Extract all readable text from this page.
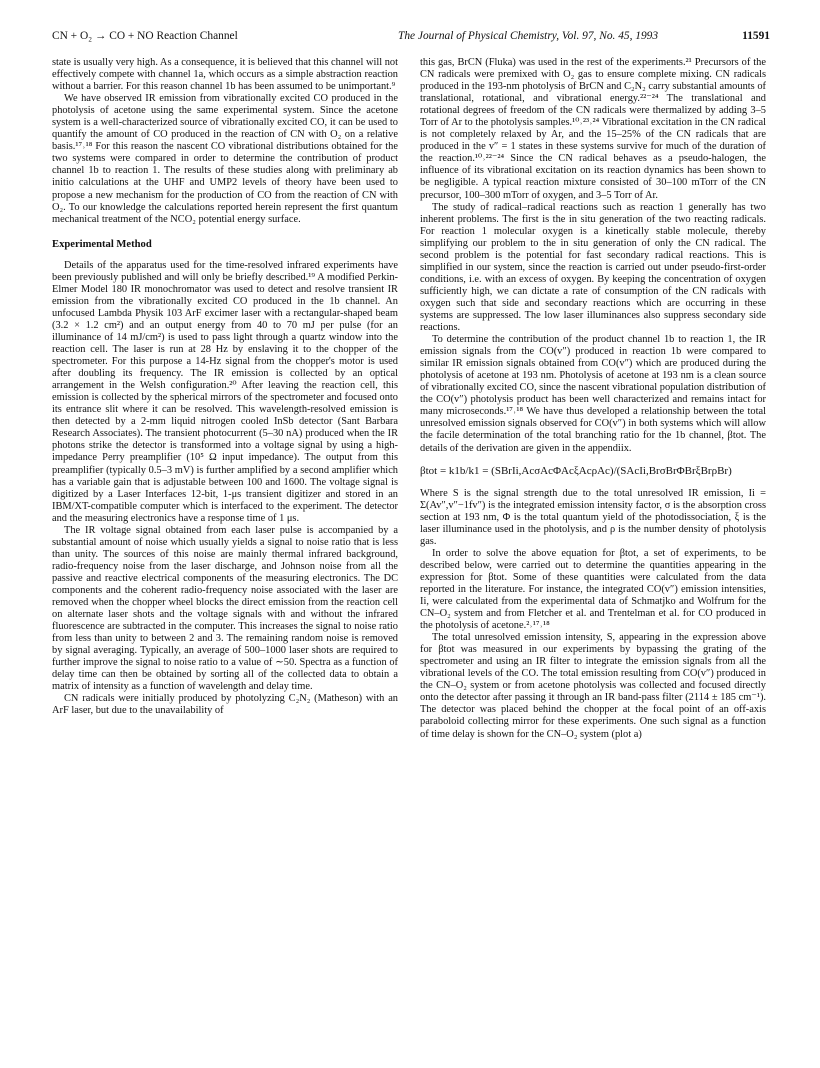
CN + O₂ → CO + NO Reaction Channel	The Journal of Physical Chemistry, Vol. 97, No. 45, 1993	11591

state is usually very high. As a consequence, it is believed that this channel will not effectively compete with channel 1a, which occurs as a simple abstraction reaction without a barrier. For this reason channel 1b has been assumed to be unimportant.⁹

We have observed IR emission from vibrationally excited CO produced in the photolysis of acetone using the same experimental system. Since the acetone system is a well-characterized source of vibrationally excited CO, it can be used to quantify the amount of CO produced in the reaction of CN with O₂ on a relative basis.¹⁷˒¹⁸ For this reason the nascent CO vibrational distributions obtained for the two systems were compared in order to determine the contribution of product channel 1b to reaction 1. The results of these studies along with preliminary ab initio calculations at the UHF and UMP2 levels of theory have been used to propose a new mechanism for the production of CO from the reaction of CN with O₂. To our knowledge the calculations reported herein represent the first quantum mechanical treatment of the NCO₂ potential energy surface.

Experimental Method

Details of the apparatus used for the time-resolved infrared experiments have been previously published and will only be briefly described.¹⁹ A modified Perkin-Elmer Model 180 IR monochromator was used to detect and resolve transient IR emission from the vibrationally excited CO produced in the 1b channel. An unfocused Lambda Physik 103 ArF excimer laser with a rectangular-shaped beam (3.2 × 1.2 cm²) and an output energy from 40 to 70 mJ per pulse (for an illuminance of 14 mJ/cm²) is used to pass light through a quartz window into the reaction cell. The laser is run at 28 Hz by enslaving it to the chopper of the spectrometer. For this purpose a 14-Hz signal from the chopper's motor is used after doubling its frequency. The IR emission is collected by an optical arrangement in the Welsh configuration.²⁰ After leaving the reaction cell, this emission is collected by the spherical mirrors of the spectrometer and focused onto its entrance slit where it can be resolved. This wavelength-resolved emission is then detected by a 2-mm liquid nitrogen cooled InSb detector (Sant Barbara Research Associates). The transient photocurrent (5–30 nA) produced when the IR photons strike the detector is transformed into a voltage signal by using a high-impedance Perry preamplifier (10⁵ Ω input impedance). The output from this preamplifier (typically 0.5–3 mV) is further amplified by a second amplifier which has a variable gain that is adjustable between 100 and 1600. The voltage signal is digitized by a Laser Interfaces 12-bit, 1-μs transient digitizer and stored in an IBM/XT-compatible computer which is interfaced to the experiment. The detector and the measuring electronics have a response time of 1 μs.

The IR voltage signal obtained from each laser pulse is accompanied by a substantial amount of noise which usually yields a signal to noise ratio that is less than unity. The sources of this noise are mainly thermal infrared background, radio-frequency noise from the laser discharge, and Johnson noise from all the passive and reactive electrical components of the measuring electronics. The DC components and the coherent radio-frequency noise associated with the laser are removed when the chopper wheel blocks the direct emission from the reaction cell on alternate laser shots and the voltage signals with and without the infrared fluorescence are subtracted in the computer. This increases the signal to noise ratio from less than unity to between 2 and 3. The remaining random noise is removed by signal averaging. Typically, an average of 500–1000 laser shots are required to further improve the signal to noise ratio to a value of ∼50. Spectra as a function of delay time can then be obtained by sorting all of the collected data to obtain a matrix of intensity as a function of wavelength and delay time.

CN radicals were initially produced by photolyzing C₂N₂ (Matheson) with an ArF laser, but due to the unavailability of

this gas, BrCN (Fluka) was used in the rest of the experiments.²¹ Precursors of the CN radicals were premixed with O₂ gas to ensure complete mixing. CN radicals produced in the 193-nm photolysis of BrCN and C₂N₂ carry substantial amounts of translational, rotational, and vibrational energy.²²⁻²⁴ The translational and rotational degrees of freedom of the CN radicals were thermalized by adding 3–5 Torr of Ar to the photolysis samples.¹⁰˒²³˒²⁴ Vibrational excitation in the CN radical is not completely relaxed by Ar, and the 15–25% of the CN radicals that are produced in the v″ = 1 states in these systems survive for much of the duration of the reaction.¹⁰˒²²⁻²⁴ Since the CN radical behaves as a pseudo-halogen, the influence of its vibrational excitation on its reaction dynamics has been shown to be negligible. A typical reaction mixture consisted of 30–100 mTorr of the CN precursor, 100–300 mTorr of oxygen, and 3–5 Torr of Ar.

The study of radical–radical reactions such as reaction 1 generally has two inherent problems. The first is the in situ generation of the two reacting radicals. For reaction 1 molecular oxygen is a kinetically stable molecule, thereby simplifying our problem to the in situ generation of only the CN radical. The second problem is the potential for fast secondary radical reactions. This is simplified in our system, since the reaction is carried out under pseudo-first-order conditions, i.e. with an excess of oxygen. By keeping the concentration of oxygen sufficiently high, we can dictate a rate of consumption of the CN radicals with oxygen such that side and secondary reactions which are occurring in these systems are suppressed. The low laser illuminances also suppress secondary side reactions.

To determine the contribution of the product channel 1b to reaction 1, the IR emission signals from the CO(v″) produced in reaction 1b were compared to similar IR emission signals obtained from CO(v″) which are produced during the photolysis of acetone at 193 nm. Photolysis of acetone at 193 nm is a clean source of vibrationally excited CO, since the nascent vibrational population distribution of the CO(v″) photolysis product has been well characterized and remains intact for many microseconds.¹⁷˒¹⁸ We have thus developed a relationship between the total unresolved emission signals observed for CO(v″) in both systems which will allow the facile determination of the total branching ratio for the 1b channel, βtot. The details of the derivation are given in the appendiix.

βtot = k1b/k1 = (SBrIi,AcσAcΦAcξAcρAc)/(SAcIi,BrσBrΦBrξBrρBr)

Where S is the signal strength due to the total unresolved IR emission, Ii = Σ(Av″,v″−1fv″) is the integrated emission intensity factor, σ is the absorption cross section at 193 nm, Φ is the total quantum yield of the photodissociation, ξ is the laser illuminance used in the photolysis, and ρ is the number density of photolysis gas.

In order to solve the above equation for βtot, a set of experiments, to be described below, were carried out to determine the quantities appearing in the expression for βtot. Some of these quantities were calculated from the data reported in the literature. For instance, the integrated CO(v″) emission intensities, Ii, were calculated from the experimental data of Schmatjko and Wolfrum for the CN–O₂ system and from Fletcher et al. and Trentelman et al. for CO produced in the photolysis of acetone.²˒¹⁷˒¹⁸

The total unresolved emission intensity, S, appearing in the expression above for βtot was measured in our experiments by bypassing the grating of the spectrometer and using an IR filter to integrate the emission signals from all the vibrational levels of the CO. The total emission resulting from CO(v″) produced in the CN–O₂ system or from acetone photolysis was collected and focused directly onto the detector after passing it through an IR band-pass filter (2114 ± 185 cm⁻¹). The detector was placed behind the chopper at the focal point of an off-axis paraboloid collecting mirror for these experiments. One such signal as a function of time delay is shown for the CN–O₂ system (plot a)
